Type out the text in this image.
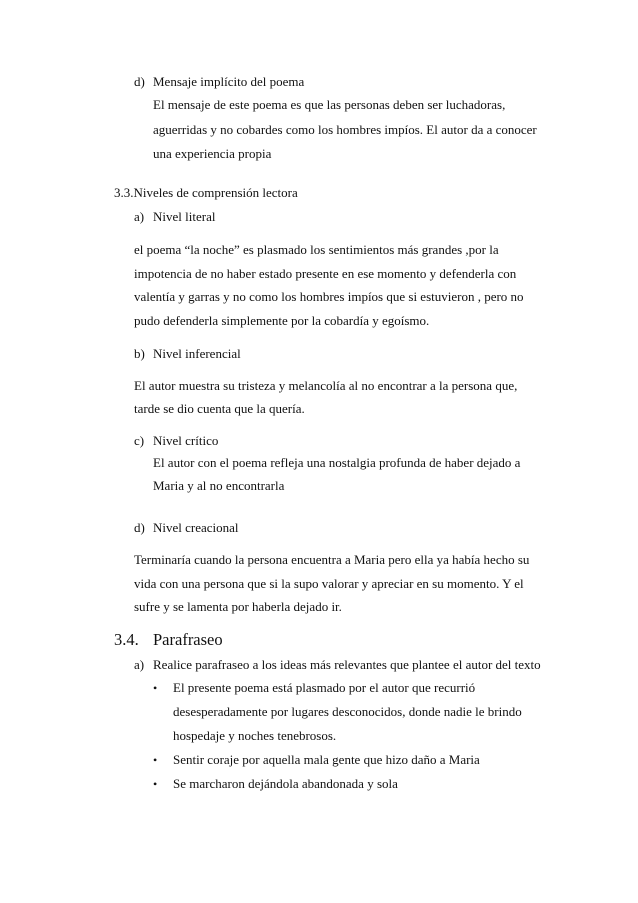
d) Mensaje implícito del poema
El mensaje de este poema es que las personas deben ser luchadoras,
aguerridas y no cobardes como los hombres impíos. El autor da a conocer
una experiencia propia
3.3.Niveles de comprensión lectora
a) Nivel literal
el poema “la noche” es plasmado los sentimientos más grandes ,por la
impotencia de no haber estado presente en ese momento y defenderla con
valentía y garras y no como los hombres impíos que si estuvieron , pero no
pudo defenderla simplemente por la cobardía y egoísmo.
b) Nivel inferencial
El autor muestra su tristeza y melancolía al no encontrar a la persona que,
tarde se dio cuenta que la quería.
c) Nivel crítico
El autor con el poema refleja una nostalgia profunda de haber dejado a
Maria y al no encontrarla
d) Nivel creacional
Terminaría cuando la persona encuentra a Maria pero ella ya había hecho su
vida con una persona que si la supo valorar y apreciar en su momento. Y el
sufre y se lamenta por haberla dejado ir.
3.4. Parafraseo
a) Realice parafraseo a los ideas más relevantes que plantee el autor del texto
• El presente poema está plasmado por el autor que recurrió
desesperadamente por lugares desconocidos, donde nadie le brindo
hospedaje y noches tenebrosos.
• Sentir coraje por aquella mala gente que hizo daño a Maria
• Se marcharon dejándola abandonada y sola
